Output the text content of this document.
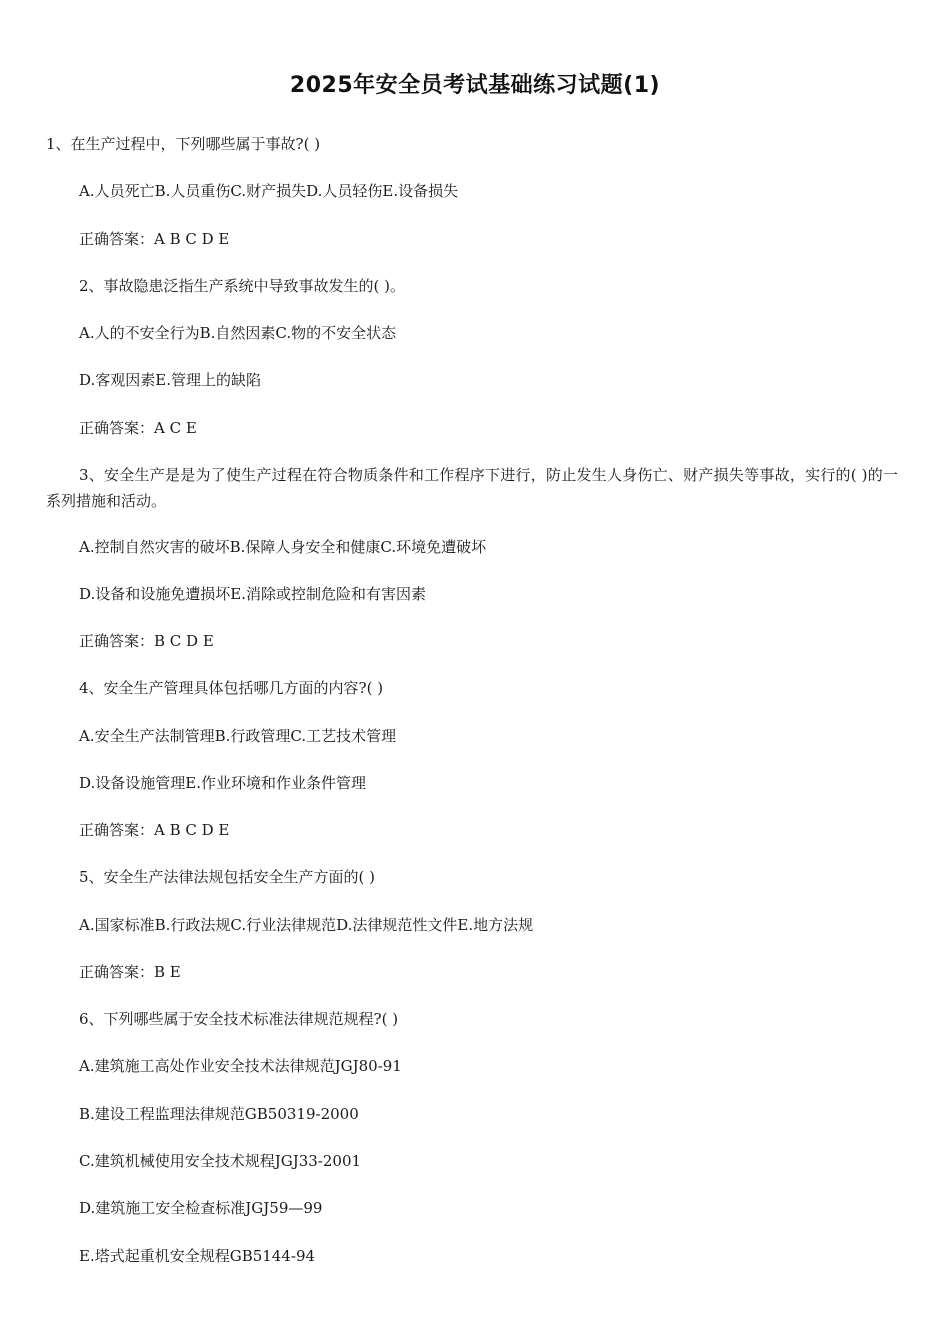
2025年安全员考试基础练习试题(1)
1、在生产过程中，下列哪些属于事故?( )
A.人员死亡B.人员重伤C.财产损失D.人员轻伤E.设备损失
正确答案：A B C D E
2、事故隐患泛指生产系统中导致事故发生的( )。
A.人的不安全行为B.自然因素C.物的不安全状态
D.客观因素E.管理上的缺陷
正确答案：A C E
3、安全生产是是为了使生产过程在符合物质条件和工作程序下进行，防止发生人身伤亡、财产损失等事故，实行的( )的一系列措施和活动。
A.控制自然灾害的破坏B.保障人身安全和健康C.环境免遭破坏
D.设备和设施免遭损坏E.消除或控制危险和有害因素
正确答案：B C D E
4、安全生产管理具体包括哪几方面的内容?( )
A.安全生产法制管理B.行政管理C.工艺技术管理
D.设备设施管理E.作业环境和作业条件管理
正确答案：A B C D E
5、安全生产法律法规包括安全生产方面的( )
A.国家标准B.行政法规C.行业法律规范D.法律规范性文件E.地方法规
正确答案：B E
6、下列哪些属于安全技术标准法律规范规程?( )
A.建筑施工高处作业安全技术法律规范JGJ80-91
B.建设工程监理法律规范GB50319-2000
C.建筑机械使用安全技术规程JGJ33-2001
D.建筑施工安全检查标准JGJ59—99
E.塔式起重机安全规程GB5144-94
